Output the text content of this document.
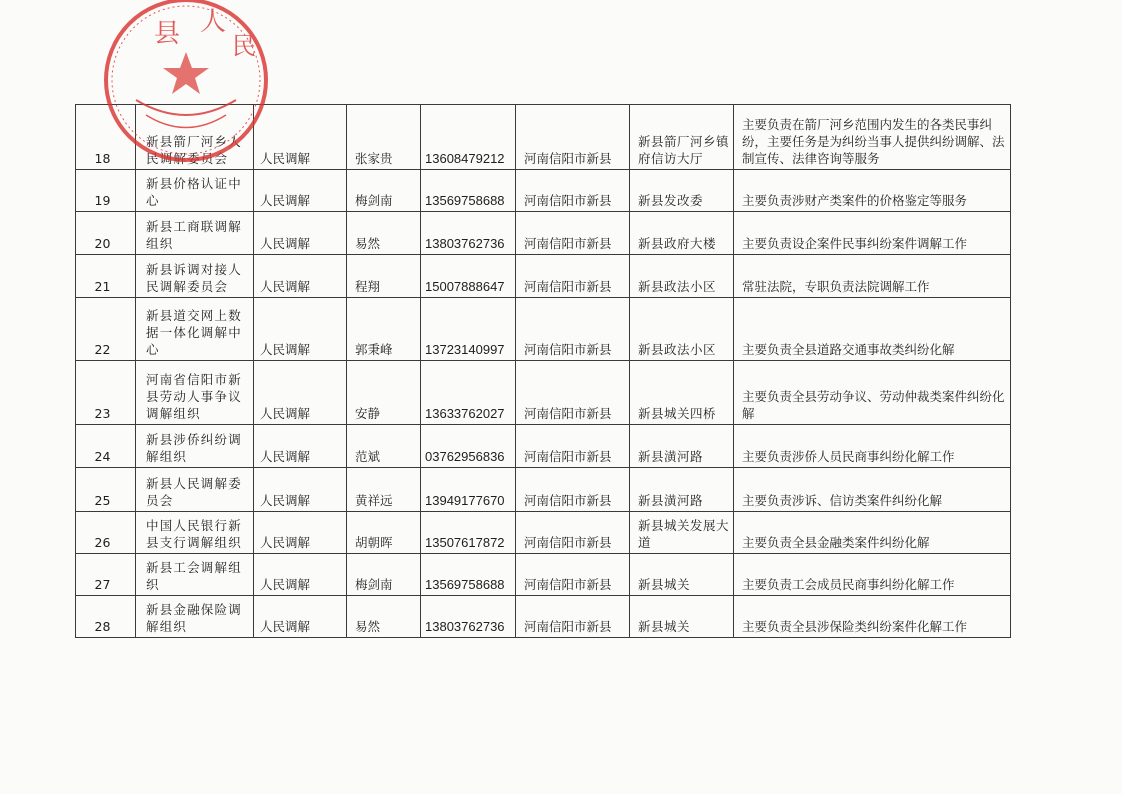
县 人
民
18	新县箭厂河乡人民调解委员会	人民调解	张家贵	13608479212	河南信阳市新县	新县箭厂河乡镇府信访大厅	主要负责在箭厂河乡范围内发生的各类民事纠纷，主要任务是为纠纷当事人提供纠纷调解、法制宣传、法律咨询等服务
19	新县价格认证中心	人民调解	梅剑南	13569758688	河南信阳市新县	新县发改委	主要负责涉财产类案件的价格鉴定等服务
20	新县工商联调解组织	人民调解	易然	13803762736	河南信阳市新县	新县政府大楼	主要负责设企案件民事纠纷案件调解工作
21	新县诉调对接人民调解委员会	人民调解	程翔	15007888647	河南信阳市新县	新县政法小区	常驻法院，专职负责法院调解工作
22	新县道交网上数据一体化调解中心	人民调解	郭秉峰	13723140997	河南信阳市新县	新县政法小区	主要负责全县道路交通事故类纠纷化解
23	河南省信阳市新县劳动人事争议调解组织	人民调解	安静	13633762027	河南信阳市新县	新县城关四桥	主要负责全县劳动争议、劳动仲裁类案件纠纷化解
24	新县涉侨纠纷调解组织	人民调解	范斌	03762956836	河南信阳市新县	新县潢河路	主要负责涉侨人员民商事纠纷化解工作
25	新县人民调解委员会	人民调解	黄祥远	13949177670	河南信阳市新县	新县潢河路	主要负责涉诉、信访类案件纠纷化解
26	中国人民银行新县支行调解组织	人民调解	胡朝晖	13507617872	河南信阳市新县	新县城关发展大道	主要负责全县金融类案件纠纷化解
27	新县工会调解组织	人民调解	梅剑南	13569758688	河南信阳市新县	新县城关	主要负责工会成员民商事纠纷化解工作
28	新县金融保险调解组织	人民调解	易然	13803762736	河南信阳市新县	新县城关	主要负责全县涉保险类纠纷案件化解工作
